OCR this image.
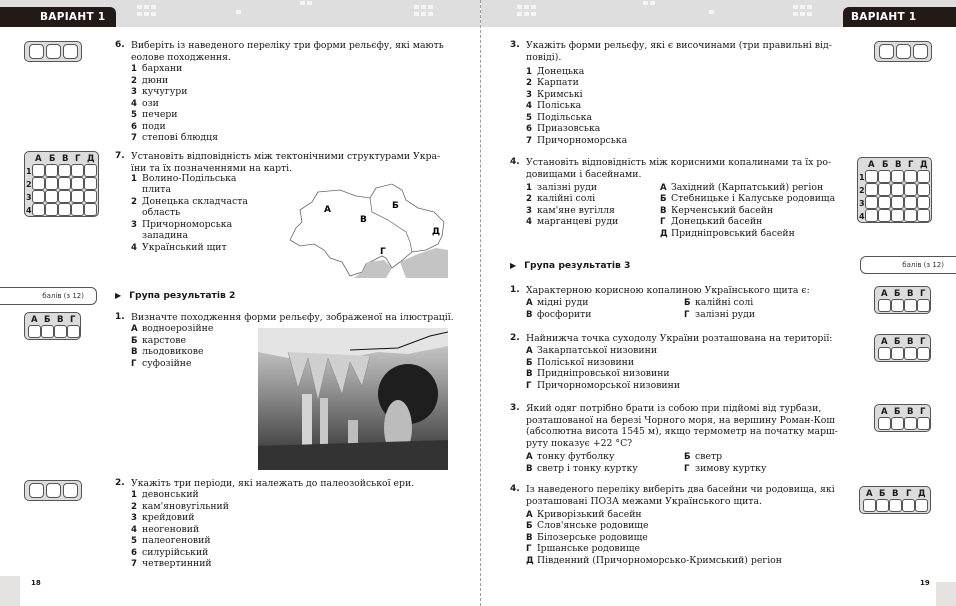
ВАРІАНТ 1
6. Виберіть із наведеного переліку три форми рельєфу, які мають
еолове походження.
1 бархани
2 дюни
3 кучугури
4 ози
5 печери
6 поди
7 степові блюдця
А Б В Г Д
1
2
3
4
7. Установіть відповідність між тектонічними структурами Укра-
їни та їх позначеннями на карті.
1 Волино-Подільська
плита
2 Донецька складчаста
область
3 Причорноморська
западина
4 Український щит
А	Б
В
Г
Д
балів (з 12)	▶ Група результатів 2
А Б В Г	1. Визначте походження форми рельєфу, зображеної на ілюстрації.
А водноерозійне
Б карстове
В льодовикове
Г суфозійне
2. Укажіть три періоди, які належать до палеозойської ери.
1 девонський
2 кам'яновугільний
3 крейдовий
4 неогеновий
5 палеогеновий
6 силурійський
7 четвертинний
18
ВАРІАНТ 1
3. Укажіть форми рельєфу, які є височинами (три правильні від-
повіді).
1 Донецька
2 Карпати
3 Кримські
4 Поліська
5 Подільська
6 Приазовська
7 Причорноморська
4. Установіть відповідність між корисними копалинами та їх ро-
довищами і басейнами.
1 залізні руди
2 калійні солі
3 кам'яне вугілля
4 марганцеві руди
А Західний (Карпатський) регіон
Б Стебницьке і Калуське родовища
В Керченський басейн
Г Донецький басейн
Д Придніпровський басейн
А Б В Г Д
1
2
3
4
▶ Група результатів 3	балів (з 12)
1. Характерною корисною копалиною Українського щита є:
А мідні руди	Б калійні солі
В фосфорити	Г залізні руди
А Б В Г
2. Найнижча точка суходолу України розташована на території:
А Закарпатської низовини
Б Поліської низовини
В Придніпровської низовини
Г Причорноморської низовини
А Б В Г
3. Який одяг потрібно брати із собою при підйомі від турбази,
розташованої на березі Чорного моря, на вершину Роман-Кош
(абсолютна висота 1545 м), якщо термометр на початку марш-
руту показує +22 °С?
А тонку футболку	Б светр
В светр і тонку куртку	Г зимову куртку
А Б В Г
4. Із наведеного переліку виберіть два басейни чи родовища, які
розташовані ПОЗА межами Українського щита.
А Криворізький басейн
Б Слов'янське родовище
В Білозерське родовище
Г Іршанське родовище
Д Південний (Причорноморсько-Кримський) регіон
А Б В Г Д
19
